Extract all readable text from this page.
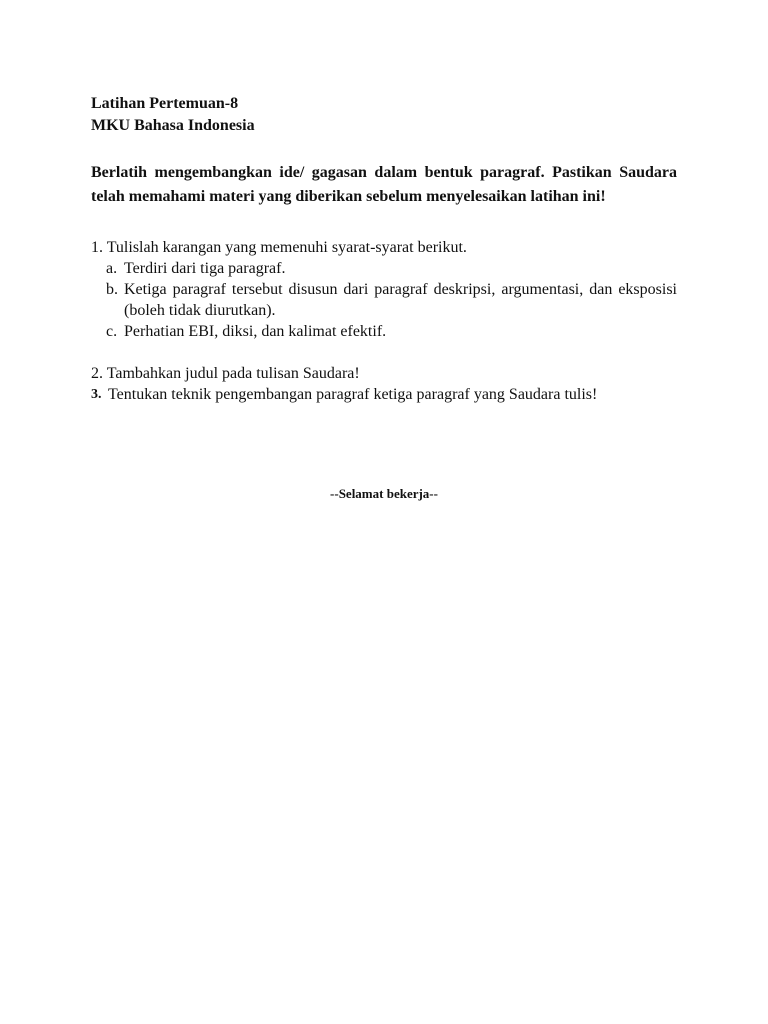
Latihan Pertemuan-8
MKU Bahasa Indonesia
Berlatih mengembangkan ide/ gagasan dalam bentuk paragraf. Pastikan Saudara telah memahami materi yang diberikan sebelum menyelesaikan latihan ini!
1. Tulislah karangan yang memenuhi syarat-syarat berikut.
a. Terdiri dari tiga paragraf.
b. Ketiga paragraf tersebut disusun dari paragraf deskripsi, argumentasi, dan eksposisi (boleh tidak diurutkan).
c. Perhatian EBI, diksi, dan kalimat efektif.
2. Tambahkan judul pada tulisan Saudara!
3. Tentukan teknik pengembangan paragraf ketiga paragraf yang Saudara tulis!
--Selamat bekerja--
